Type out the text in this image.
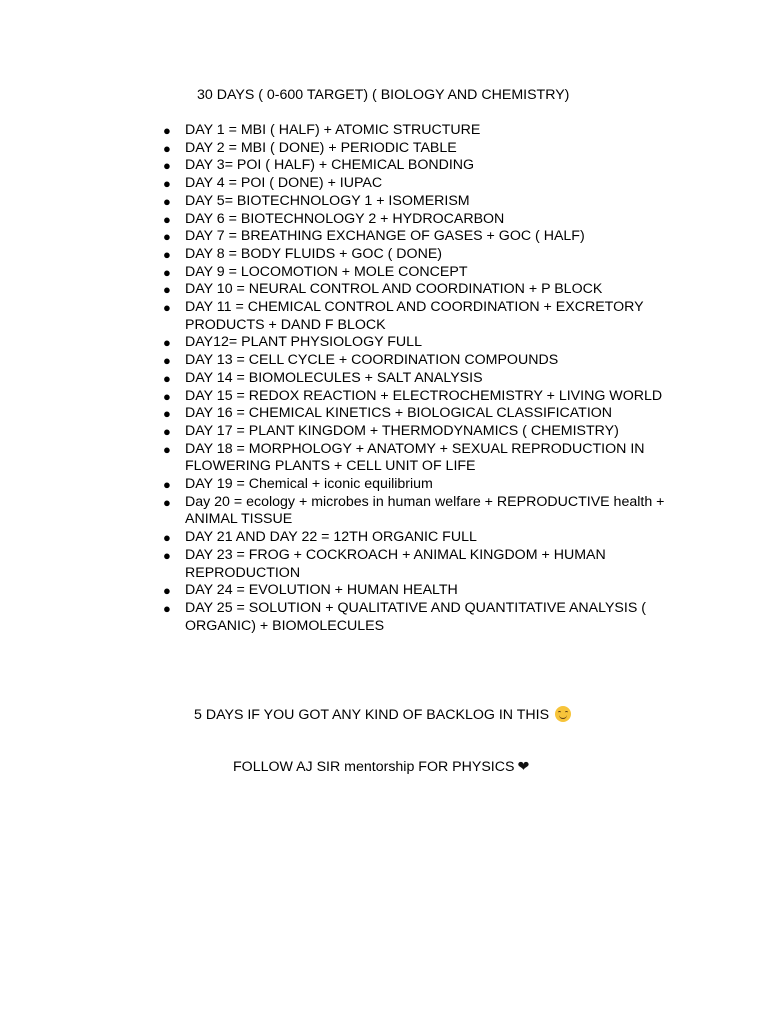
30 DAYS ( 0-600 TARGET) ( BIOLOGY AND CHEMISTRY)
● DAY 1 = MBI ( HALF) + ATOMIC STRUCTURE
● DAY 2 = MBI ( DONE) + PERIODIC TABLE
● DAY 3= POI ( HALF) + CHEMICAL BONDING
● DAY 4 = POI ( DONE) + IUPAC
● DAY 5= BIOTECHNOLOGY 1 + ISOMERISM
● DAY 6 = BIOTECHNOLOGY 2 + HYDROCARBON
● DAY 7 = BREATHING EXCHANGE OF GASES + GOC ( HALF)
● DAY 8 = BODY FLUIDS + GOC ( DONE)
● DAY 9 = LOCOMOTION + MOLE CONCEPT
● DAY 10 = NEURAL CONTROL AND COORDINATION + P BLOCK
● DAY 11 = CHEMICAL CONTROL AND COORDINATION + EXCRETORY PRODUCTS + DAND F BLOCK
● DAY12= PLANT PHYSIOLOGY FULL
● DAY 13 = CELL CYCLE + COORDINATION COMPOUNDS
● DAY 14 = BIOMOLECULES + SALT ANALYSIS
● DAY 15 = REDOX REACTION + ELECTROCHEMISTRY + LIVING WORLD
● DAY 16 = CHEMICAL KINETICS + BIOLOGICAL CLASSIFICATION
● DAY 17 = PLANT KINGDOM + THERMODYNAMICS ( CHEMISTRY)
● DAY 18 = MORPHOLOGY + ANATOMY + SEXUAL REPRODUCTION IN FLOWERING PLANTS + CELL UNIT OF LIFE
● DAY 19 = Chemical + iconic equilibrium
● Day 20 = ecology + microbes in human welfare + REPRODUCTIVE health + ANIMAL TISSUE
● DAY 21 AND DAY 22 = 12TH ORGANIC FULL
● DAY 23 = FROG + COCKROACH + ANIMAL KINGDOM + HUMAN REPRODUCTION
● DAY 24 = EVOLUTION + HUMAN HEALTH
● DAY 25 = SOLUTION + QUALITATIVE AND QUANTITATIVE ANALYSIS ( ORGANIC) + BIOMOLECULES
5 DAYS IF YOU GOT ANY KIND OF BACKLOG IN THIS
FOLLOW AJ SIR mentorship FOR PHYSICS ❤
